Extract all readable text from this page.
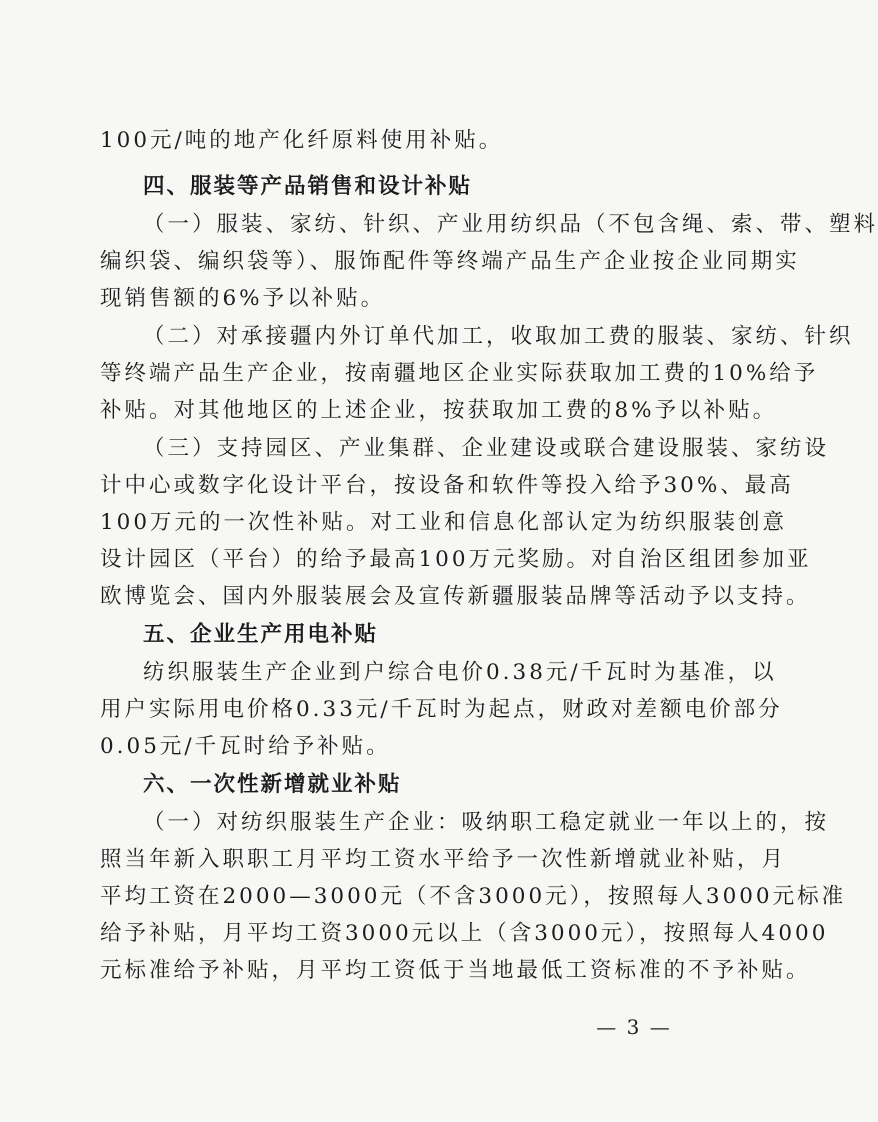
100元/吨的地产化纤原料使用补贴。
四、服装等产品销售和设计补贴
（一）服装、家纺、针织、产业用纺织品（不包含绳、索、带、塑料
编织袋、编织袋等）、服饰配件等终端产品生产企业按企业同期实
现销售额的6%予以补贴。
（二）对承接疆内外订单代加工，收取加工费的服装、家纺、针织
等终端产品生产企业，按南疆地区企业实际获取加工费的10%给予
补贴。对其他地区的上述企业，按获取加工费的8%予以补贴。
（三）支持园区、产业集群、企业建设或联合建设服装、家纺设
计中心或数字化设计平台，按设备和软件等投入给予30%、最高
100万元的一次性补贴。对工业和信息化部认定为纺织服装创意
设计园区（平台）的给予最高100万元奖励。对自治区组团参加亚
欧博览会、国内外服装展会及宣传新疆服装品牌等活动予以支持。
五、企业生产用电补贴
纺织服装生产企业到户综合电价0.38元/千瓦时为基准，以
用户实际用电价格0.33元/千瓦时为起点，财政对差额电价部分
0.05元/千瓦时给予补贴。
六、一次性新增就业补贴
（一）对纺织服装生产企业：吸纳职工稳定就业一年以上的，按
照当年新入职职工月平均工资水平给予一次性新增就业补贴，月
平均工资在2000—3000元（不含3000元），按照每人3000元标准
给予补贴，月平均工资3000元以上（含3000元），按照每人4000
元标准给予补贴，月平均工资低于当地最低工资标准的不予补贴。
— 3 —
